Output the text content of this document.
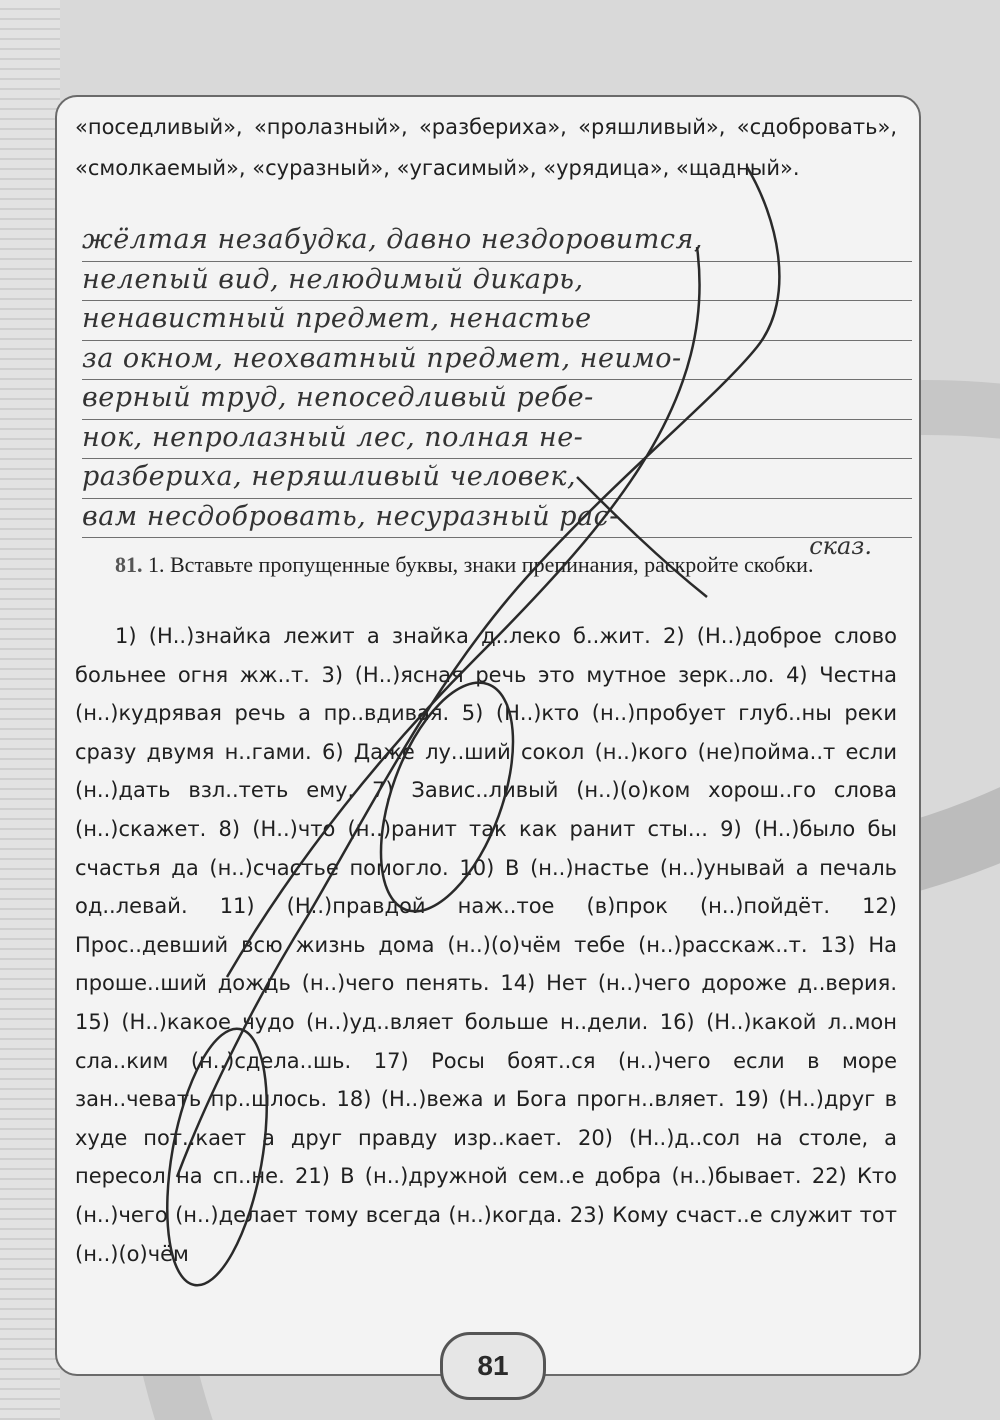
«поседливый», «пролазный», «разбериха», «ряшливый», «сдобровать», «смолкаемый», «суразный», «угасимый», «урядица», «щадный».
жёлтая незабудка, давно нездоровится,
нелепый вид, нелюдимый дикарь,
ненавистный предмет, ненастье
за окном, неохватный предмет, неимо-
верный труд, непоседливый ребе-
нок, непролазный лес, полная не-
разбериха, неряшливый человек,
вам несдобровать, несуразный рас-
сказ.
81. 1. Вставьте пропущенные буквы, знаки препинания, раскройте скобки.
1) (Н..)знайка лежит а знайка д..леко б..жит. 2) (Н..)доброе слово больнее огня жж..т. 3) (Н..)ясная речь это мутное зерк..ло. 4) Честна (н..)кудрявая речь а пр..вдивая. 5) (Н..)кто (н..)пробует глуб..ны реки сразу двумя н..гами. 6) Даже лу..ший сокол (н..)кого (не)пойма..т если (н..)дать взл..теть ему. 7) Завис..ливый (н..)(о)ком хорош..го слова (н..)скажет. 8) (Н..)что (н..)ранит так как ранит сты... 9) (Н..)было бы счастья да (н..)счастье помогло. 10) В (н..)настье (н..)унывай а печаль од..левай. 11) (Н..)правдой наж..тое (в)прок (н..)пойдёт. 12) Прос..девший всю жизнь дома (н..)(о)чём тебе (н..)расскаж..т. 13) На проше..ший дождь (н..)чего пенять. 14) Нет (н..)чего дороже д..верия. 15) (Н..)какое чудо (н..)уд..вляет больше н..дели. 16) (Н..)какой л..мон сла..ким (н..)сдела..шь. 17) Росы боят..ся (н..)чего если в море зан..чевать пр..шлось. 18) (Н..)вежа и Бога прогн..вляет. 19) (Н..)друг в худе пот..кает а друг правду изр..кает. 20) (Н..)д..сол на столе, а пересол на сп..не. 21) В (н..)дружной сем..е добра (н..)бывает. 22) Кто (н..)чего (н..)делает тому всегда (н..)когда. 23) Кому счаст..е служит тот (н..)(о)чём
81
